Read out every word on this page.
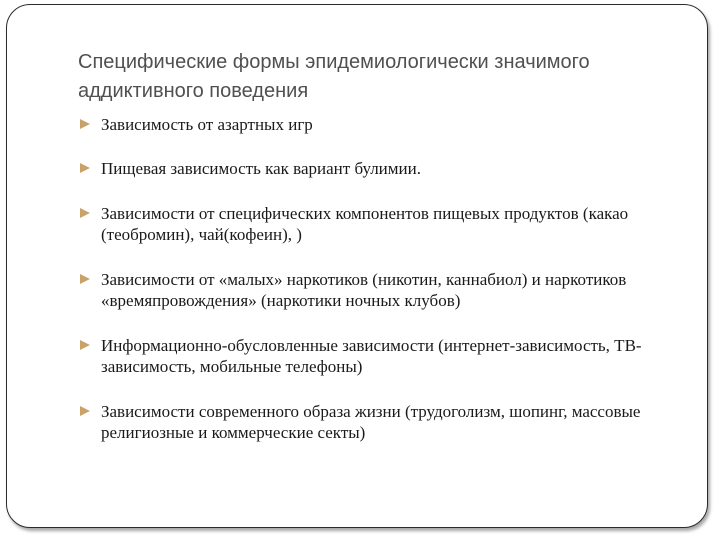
Специфические формы эпидемиологически значимого аддиктивного поведения
Зависимость от азартных игр
Пищевая зависимость как вариант булимии.
Зависимости от специфических компонентов пищевых продуктов (какао (теобромин), чай(кофеин), )
Зависимости от «малых» наркотиков (никотин, каннабиол) и наркотиков «времяпровождения» (наркотики ночных клубов)
Информационно-обусловленные зависимости (интернет-зависимость, ТВ-зависимость, мобильные телефоны)
Зависимости современного образа жизни (трудоголизм, шопинг, массовые религиозные и коммерческие секты)
